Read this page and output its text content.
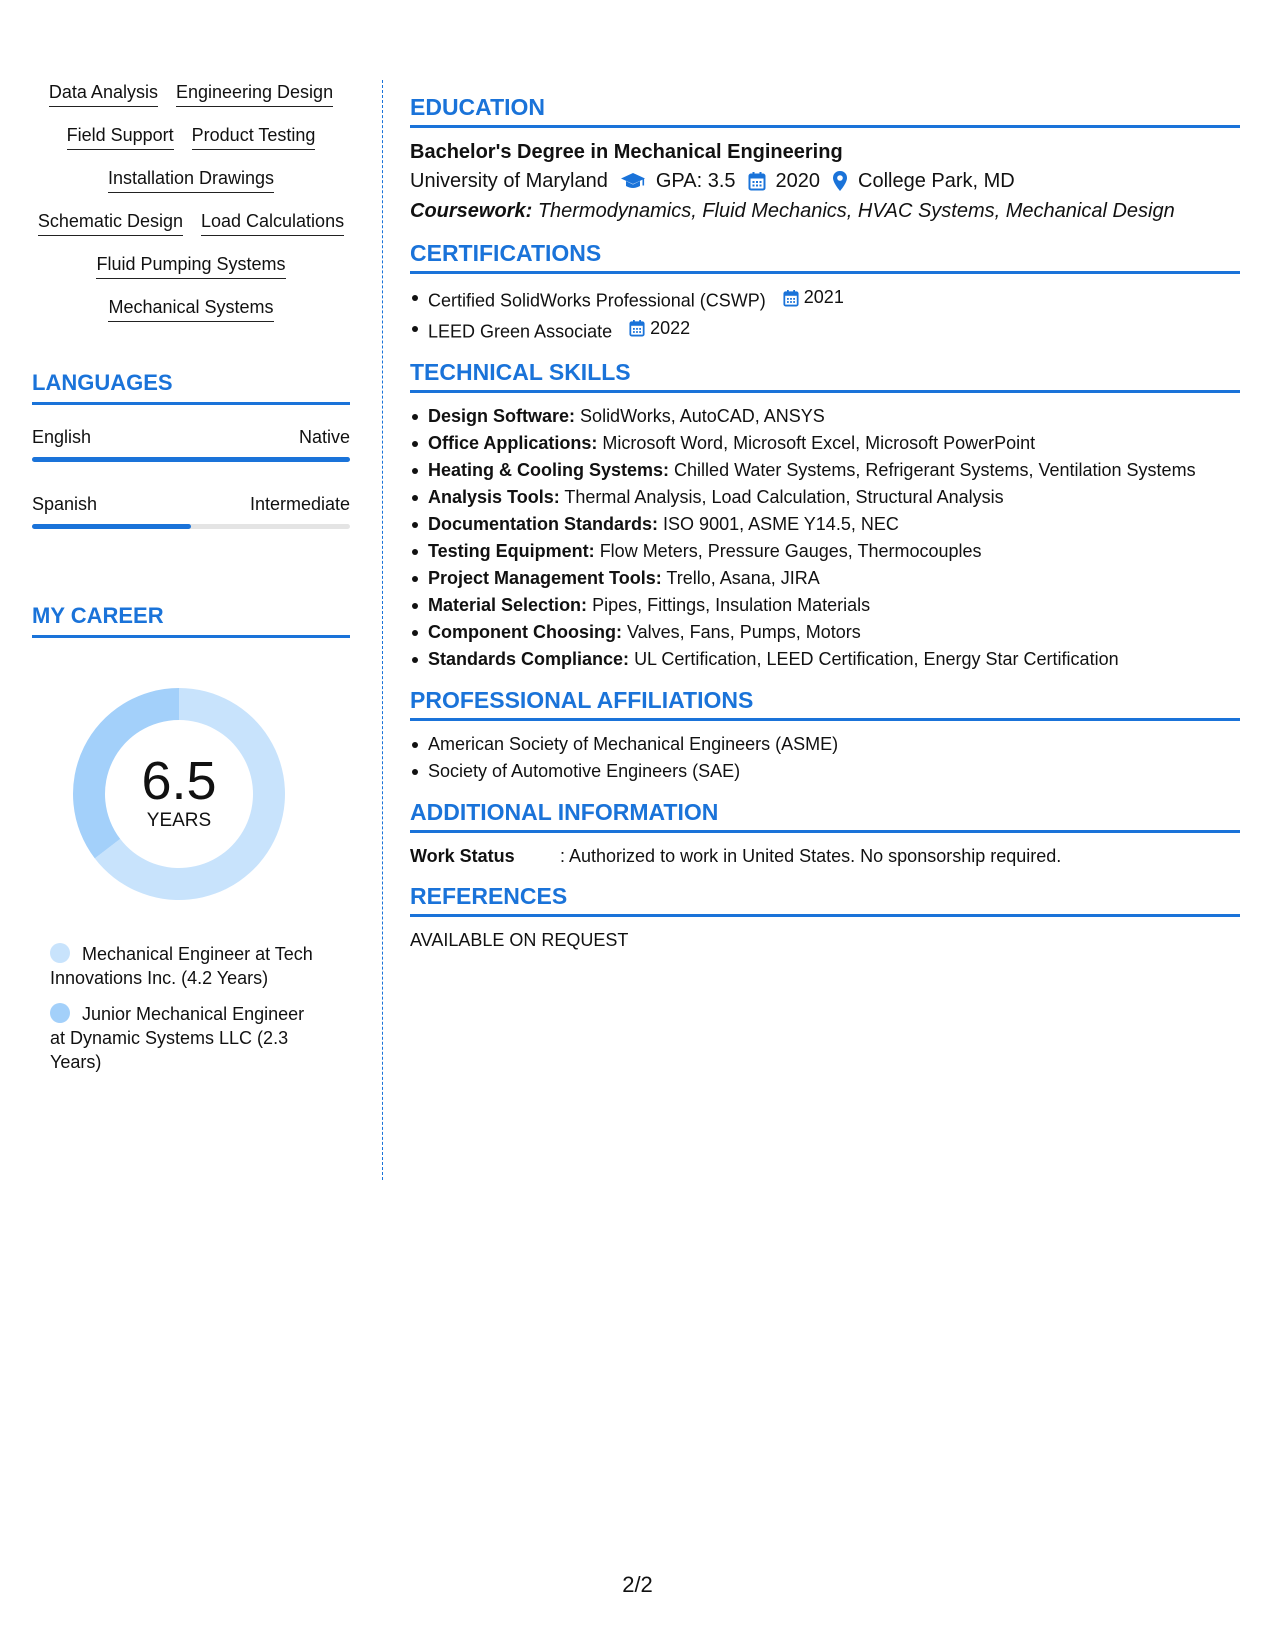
Data Analysis Engineering Design
Field Support Product Testing
Installation Drawings
Schematic Design Load Calculations
Fluid Pumping Systems
Mechanical Systems
LANGUAGES
English	Native
Spanish	Intermediate
MY CAREER
6.5
YEARS
Mechanical Engineer at Tech Innovations Inc. (4.2 Years)
Junior Mechanical Engineer at Dynamic Systems LLC (2.3 Years)
EDUCATION
Bachelor's Degree in Mechanical Engineering
University of Maryland GPA: 3.5 2020 College Park, MD
Coursework: Thermodynamics, Fluid Mechanics, HVAC Systems, Mechanical Design
CERTIFICATIONS
Certified SolidWorks Professional (CSWP) 2021
LEED Green Associate 2022
TECHNICAL SKILLS
Design Software: SolidWorks, AutoCAD, ANSYS
Office Applications: Microsoft Word, Microsoft Excel, Microsoft PowerPoint
Heating & Cooling Systems: Chilled Water Systems, Refrigerant Systems, Ventilation Systems
Analysis Tools: Thermal Analysis, Load Calculation, Structural Analysis
Documentation Standards: ISO 9001, ASME Y14.5, NEC
Testing Equipment: Flow Meters, Pressure Gauges, Thermocouples
Project Management Tools: Trello, Asana, JIRA
Material Selection: Pipes, Fittings, Insulation Materials
Component Choosing: Valves, Fans, Pumps, Motors
Standards Compliance: UL Certification, LEED Certification, Energy Star Certification
PROFESSIONAL AFFILIATIONS
American Society of Mechanical Engineers (ASME)
Society of Automotive Engineers (SAE)
ADDITIONAL INFORMATION
Work Status	: Authorized to work in United States. No sponsorship required.
REFERENCES
AVAILABLE ON REQUEST
2/2
